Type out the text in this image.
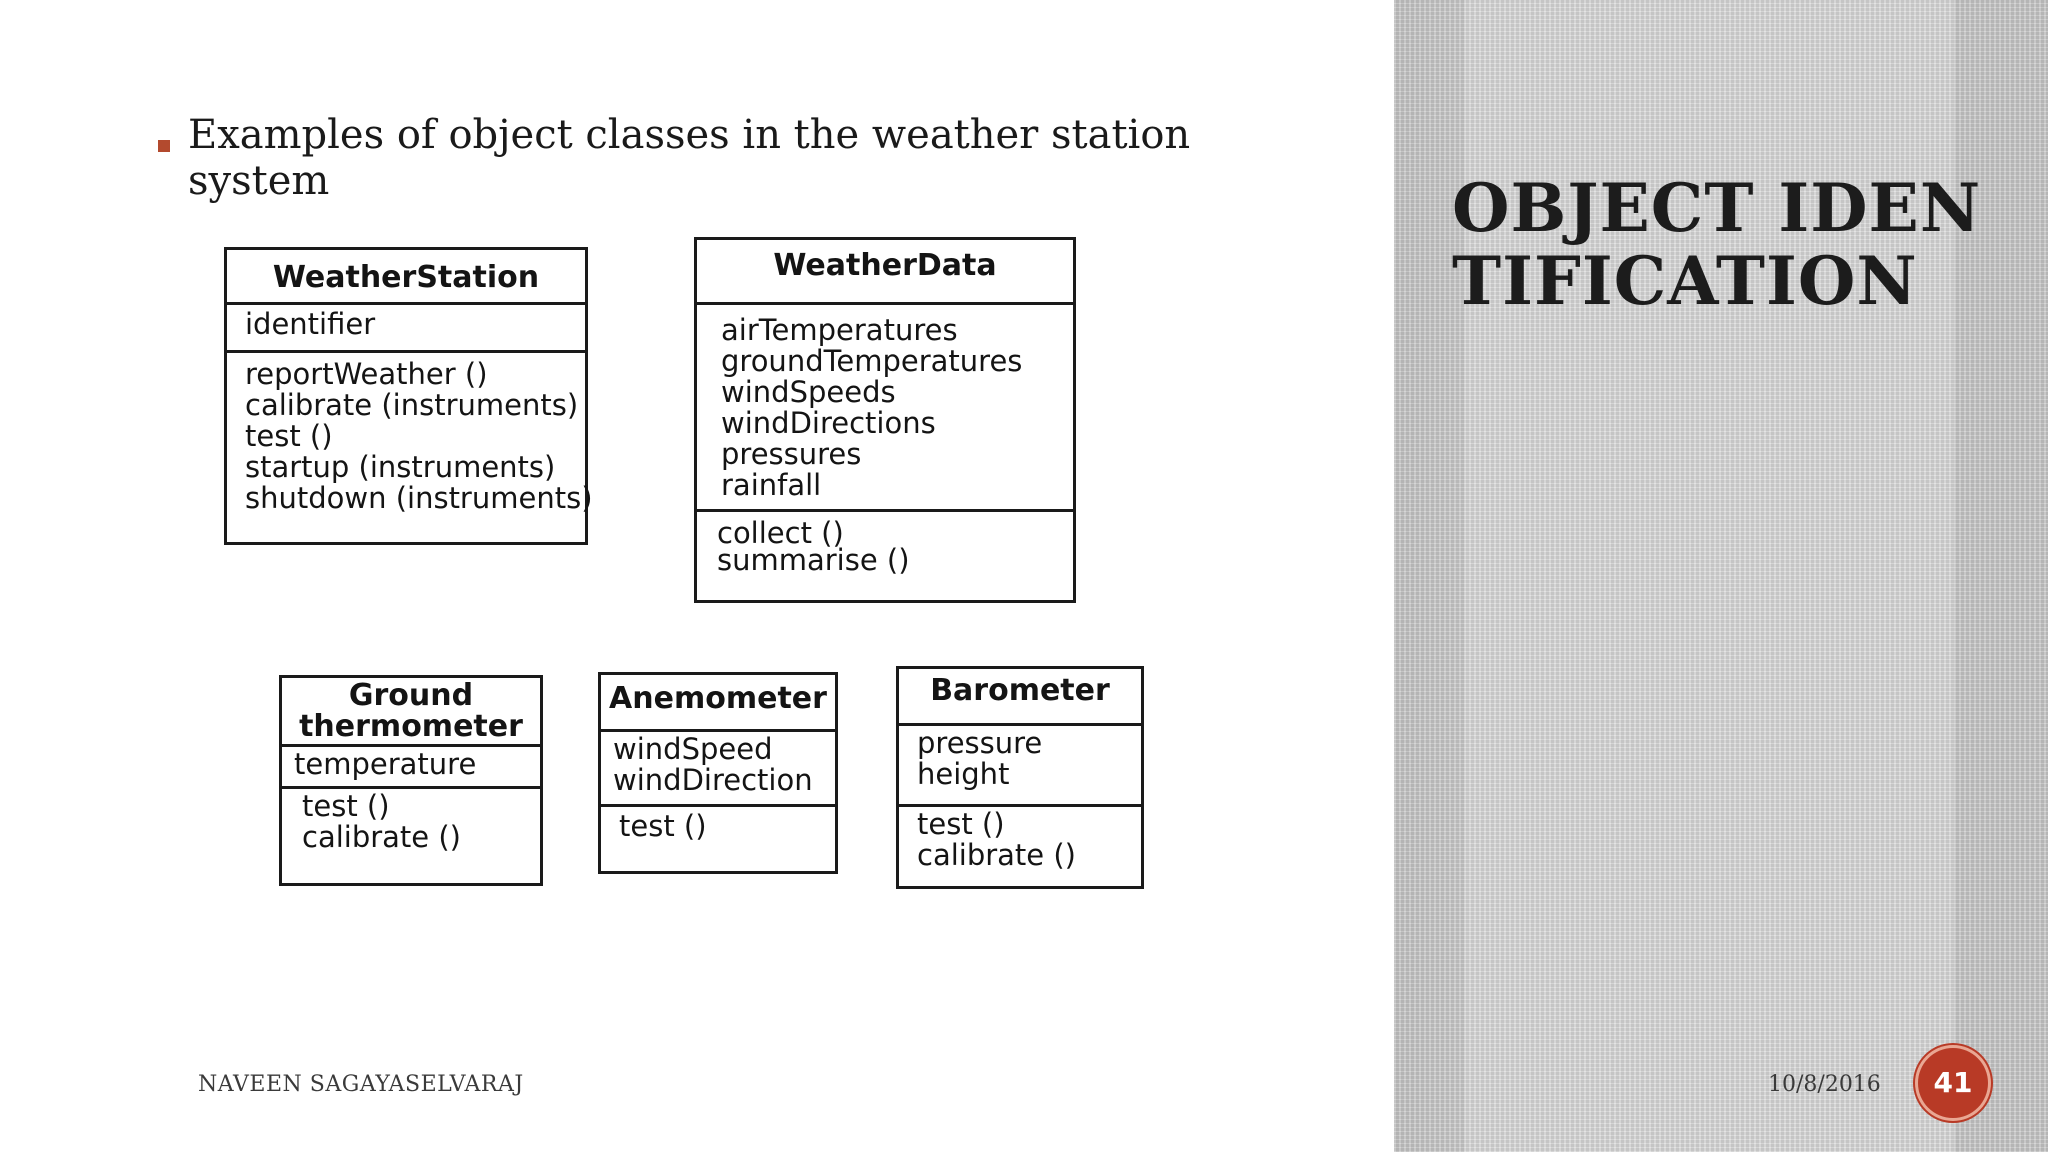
OBJECT IDENTIFICATION
Examples of object classes in the weather station system
WeatherStation
identifier
reportWeather ()
calibrate (instruments)
test ()
startup (instruments)
shutdown (instruments)
WeatherData
airTemperatures
groundTemperatures
windSpeeds
windDirections
pressures
rainfall
collect ()
summarise ()
Ground
thermometer
temperature
test ()
calibrate ()
Anemometer
windSpeed
windDirection
test ()
Barometer
pressure
height
test ()
calibrate ()
NAVEEN SAGAYASELVARAJ	10/8/2016	41
